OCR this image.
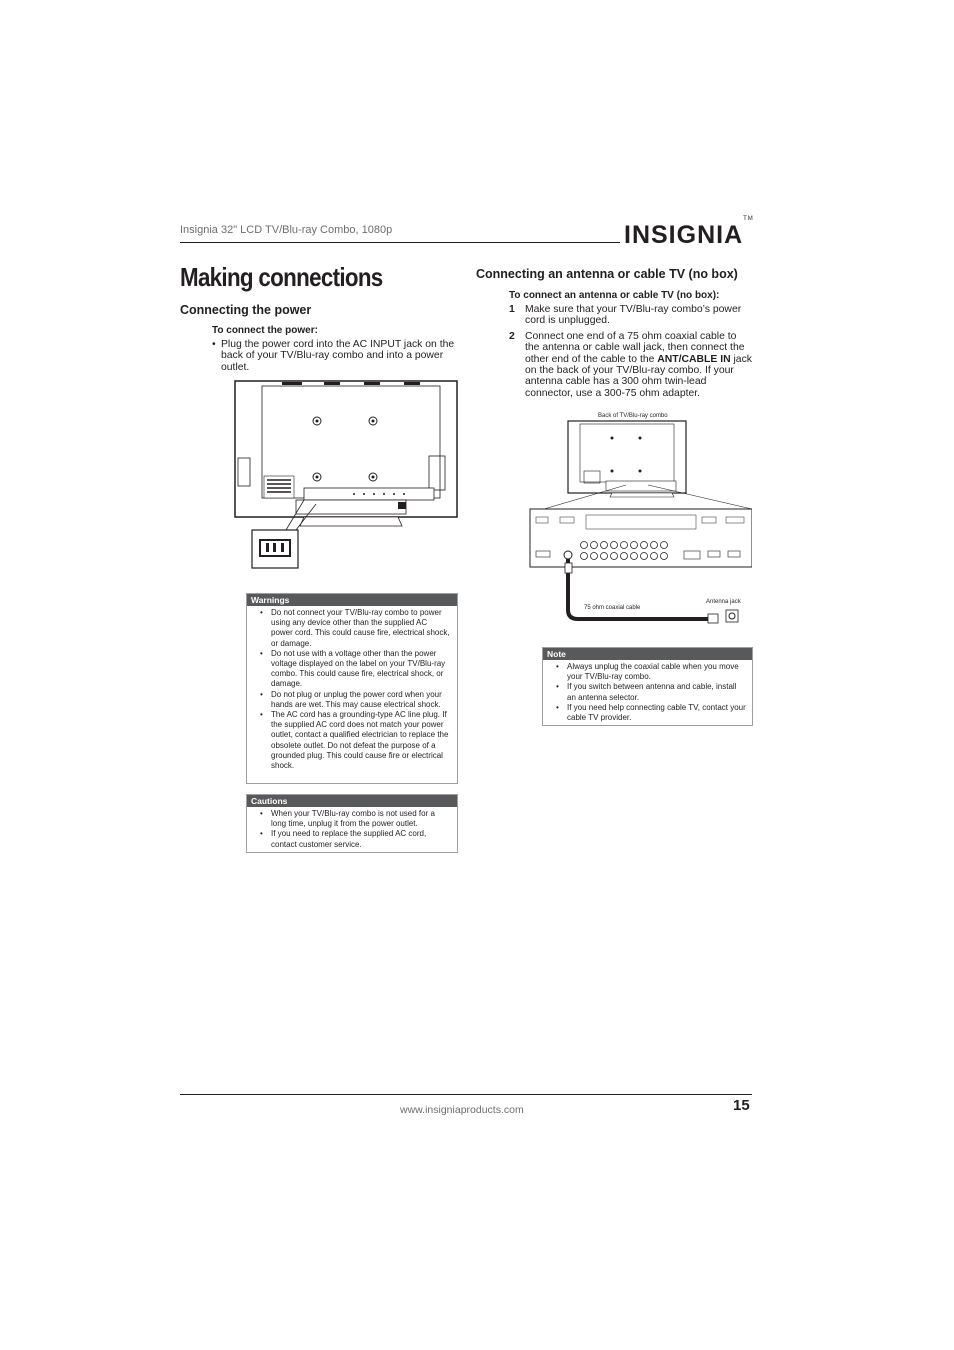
Insignia 32" LCD TV/Blu-ray Combo, 1080p	INSIGNIA™
Making connections
Connecting the power
To connect the power:
• Plug the power cord into the AC INPUT jack on the back of your TV/Blu-ray combo and into a power outlet.
Warnings
• Do not connect your TV/Blu-ray combo to power using any device other than the supplied AC power cord. This could cause fire, electrical shock, or damage.
• Do not use with a voltage other than the power voltage displayed on the label on your TV/Blu-ray combo. This could cause fire, electrical shock, or damage.
• Do not plug or unplug the power cord when your hands are wet. This may cause electrical shock.
• The AC cord has a grounding-type AC line plug. If the supplied AC cord does not match your power outlet, contact a qualified electrician to replace the obsolete outlet. Do not defeat the purpose of a grounded plug. This could cause fire or electrical shock.
Cautions
• When your TV/Blu-ray combo is not used for a long time, unplug it from the power outlet.
• If you need to replace the supplied AC cord, contact customer service.
Connecting an antenna or cable TV (no box)
To connect an antenna or cable TV (no box):
1 Make sure that your TV/Blu-ray combo’s power cord is unplugged.
2 Connect one end of a 75 ohm coaxial cable to the antenna or cable wall jack, then connect the other end of the cable to the ANT/CABLE IN jack on the back of your TV/Blu-ray combo. If your antenna cable has a 300 ohm twin-lead connector, use a 300-75 ohm adapter.
Back of TV/Blu-ray combo
75 ohm coaxial cable
Antenna jack
Note
• Always unplug the coaxial cable when you move your TV/Blu-ray combo.
• If you switch between antenna and cable, install an antenna selector.
• If you need help connecting cable TV, contact your cable TV provider.
www.insigniaproducts.com	15
